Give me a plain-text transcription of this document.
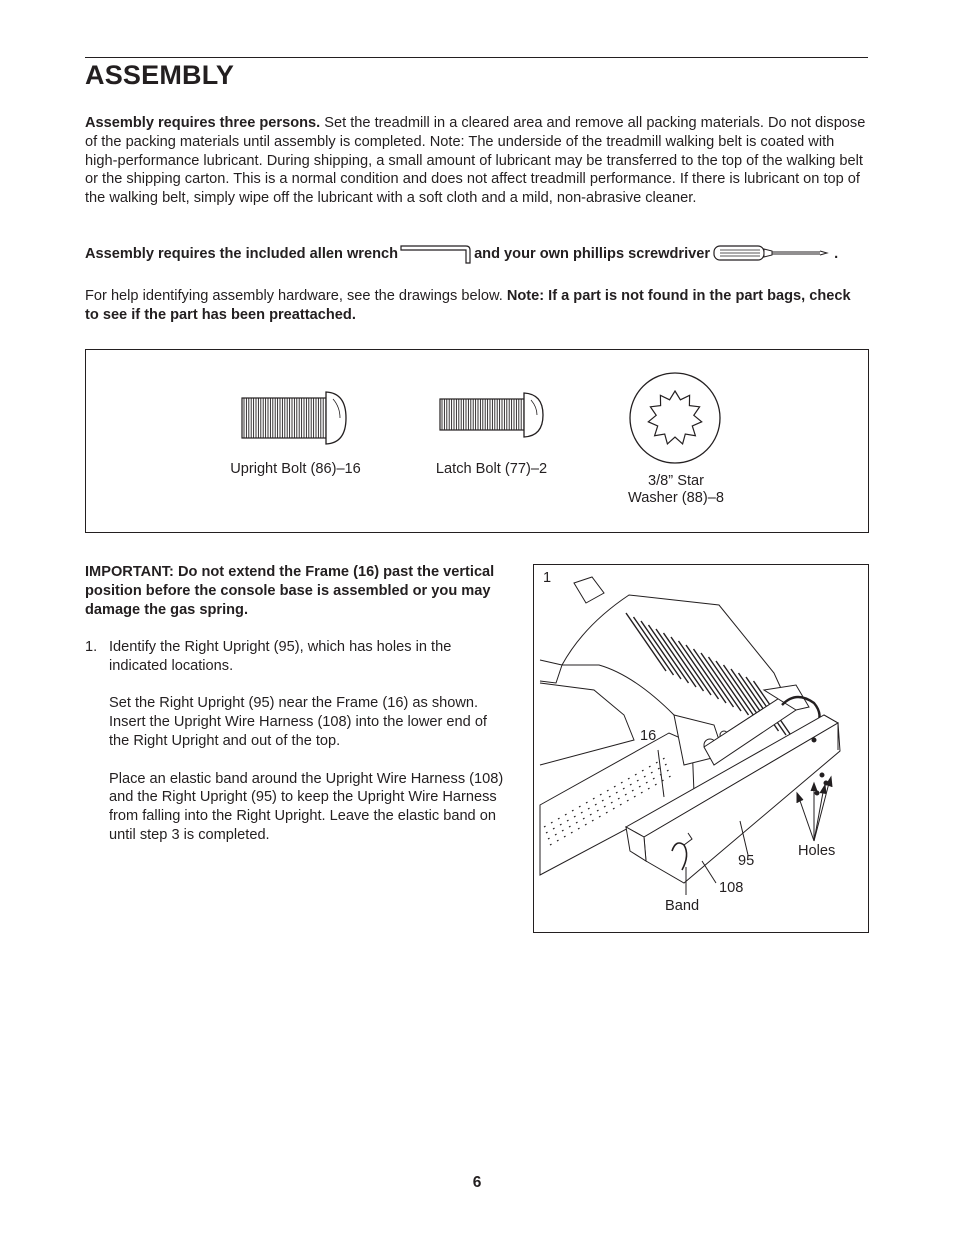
ASSEMBLY

Assembly requires three persons. Set the treadmill in a cleared area and remove all packing materials. Do not dispose of the packing materials until assembly is completed. Note: The underside of the treadmill walking belt is coated with high-performance lubricant. During shipping, a small amount of lubricant may be transferred to the top of the walking belt or the shipping carton. This is a normal condition and does not affect treadmill performance. If there is lubricant on top of the walking belt, simply wipe off the lubricant with a soft cloth and a mild, non-abrasive cleaner.

Assembly requires the included allen wrench	and your own phillips screwdriver	.

For help identifying assembly hardware, see the drawings below. Note: If a part is not found in the part bags, check to see if the part has been preattached.

Upright Bolt (86)–16	Latch Bolt (77)–2
3/8” Star
Washer (88)–8

IMPORTANT: Do not extend the Frame (16) past the vertical position before the console base is assembled or you may damage the gas spring.

1. Identify the Right Upright (95), which has holes in the indicated locations.

Set the Right Upright (95) near the Frame (16) as shown. Insert the Upright Wire Harness (108) into the lower end of the Right Upright and out of the top.

Place an elastic band around the Upright Wire Harness (108) and the Right Upright (95) to keep the Upright Wire Harness from falling into the Right Upright. Leave the elastic band on until step 3 is completed.

1
16
95
Holes
108
Band
6
